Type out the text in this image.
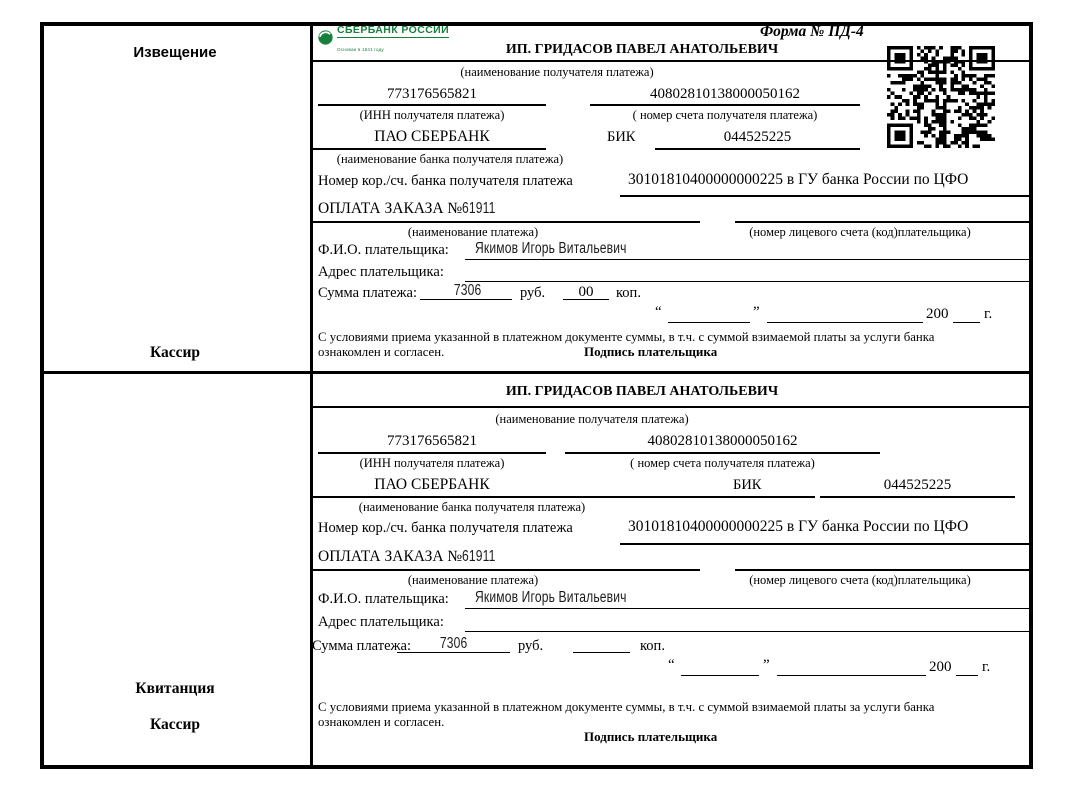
Извещение
Кассир
СБЕРБАНК РОССИИ
Основан в 1841 году
Форма № ПД-4
ИП. ГРИДАСОВ ПАВЕЛ АНАТОЛЬЕВИЧ
(наименование получателя платежа)
773176565821	40802810138000050162
(ИНН получателя платежа)	( номер счета получателя платежа)
ПАО СБЕРБАНК	БИК	044525225
(наименование банка получателя платежа)
Номер кор./сч. банка получателя платежа	30101810400000000225 в ГУ банка России по ЦФО
ОПЛАТА ЗАКАЗА №61911
(наименование платежа)	(номер лицевого счета (код)плательщика)
Ф.И.О. плательщика: Якимов Игорь Витальевич
Адрес плательщика:
Сумма платежа:	7306	руб.	00	коп.
“	”	200 г.
С условиями приема указанной в платежном документе суммы, в т.ч. с суммой взимаемой платы за услуги банка
ознакомлен и согласен.	Подпись плательщика
Квитанция
Кассир
ИП. ГРИДАСОВ ПАВЕЛ АНАТОЛЬЕВИЧ
(наименование получателя платежа)
773176565821	40802810138000050162
(ИНН получателя платежа)	( номер счета получателя платежа)
ПАО СБЕРБАНК	БИК	044525225
(наименование банка получателя платежа)
Номер кор./сч. банка получателя платежа	30101810400000000225 в ГУ банка России по ЦФО
ОПЛАТА ЗАКАЗА №61911
(наименование платежа)	(номер лицевого счета (код)плательщика)
Ф.И.О. плательщика: Якимов Игорь Витальевич
Адрес плательщика:
Сумма платежа:	7306	руб.	коп.
“	”	200 г.
С условиями приема указанной в платежном документе суммы, в т.ч. с суммой взимаемой платы за услуги банка
ознакомлен и согласен.
Подпись плательщика
